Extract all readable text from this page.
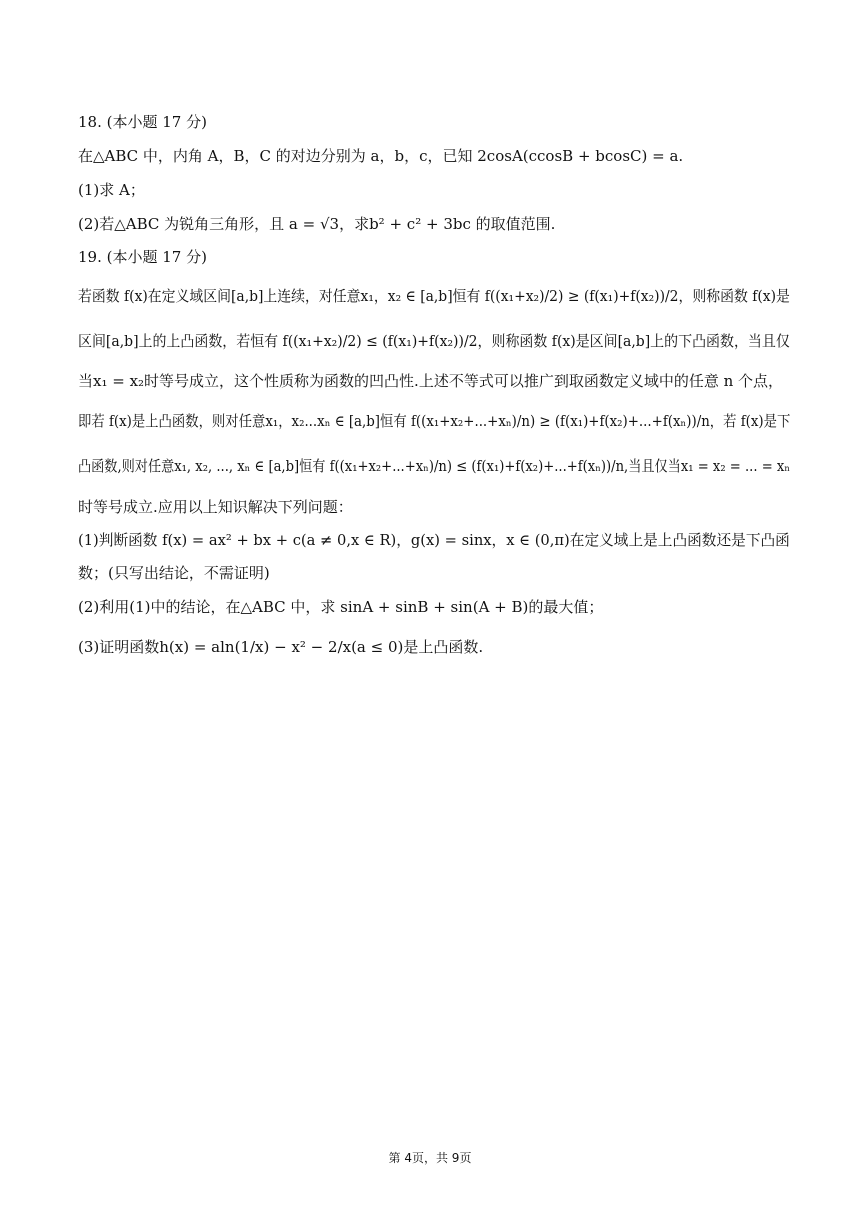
18. (本小题 17 分)
在△ABC 中，内角 A，B，C 的对边分别为 a，b，c，已知 2cosA(ccosB + bcosC) = a.
(1)求 A；
(2)若△ABC 为锐角三角形，且 a = √3，求b² + c² + 3bc 的取值范围.
19. (本小题 17 分)
若函数 f(x)在定义域区间[a,b]上连续，对任意x₁，x₂ ∈ [a,b]恒有 f((x₁+x₂)/2) ≥ (f(x₁)+f(x₂))/2，则称函数 f(x)是
区间[a,b]上的上凸函数，若恒有 f((x₁+x₂)/2) ≤ (f(x₁)+f(x₂))/2，则称函数 f(x)是区间[a,b]上的下凸函数，当且仅
当x₁ = x₂时等号成立，这个性质称为函数的凹凸性.上述不等式可以推广到取函数定义域中的任意 n 个点，
即若 f(x)是上凸函数，则对任意x₁，x₂...xₙ ∈ [a,b]恒有 f((x₁+x₂+...+xₙ)/n) ≥ (f(x₁)+f(x₂)+...+f(xₙ))/n，若 f(x)是下
凸函数,则对任意x₁, x₂, ..., xₙ ∈ [a,b]恒有 f((x₁+x₂+...+xₙ)/n) ≤ (f(x₁)+f(x₂)+...+f(xₙ))/n,当且仅当x₁ = x₂ = ... = xₙ
时等号成立.应用以上知识解决下列问题：
(1)判断函数 f(x) = ax² + bx + c(a ≠ 0,x ∈ R)，g(x) = sinx，x ∈ (0,π)在定义域上是上凸函数还是下凸函
数；(只写出结论，不需证明)
(2)利用(1)中的结论，在△ABC 中，求 sinA + sinB + sin(A + B)的最大值；
(3)证明函数h(x) = aln(1/x) − x² − 2/x(a ≤ 0)是上凸函数.
第 4页，共 9页
